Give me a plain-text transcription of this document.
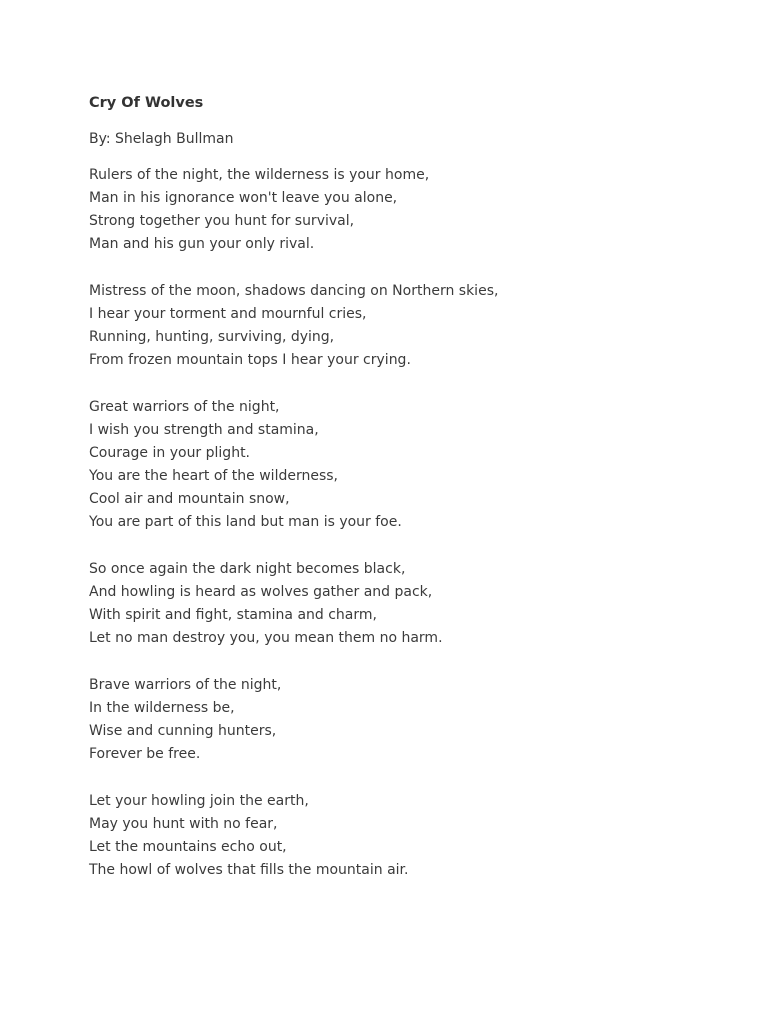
Cry Of Wolves
By: Shelagh Bullman
Rulers of the night, the wilderness is your home,
Man in his ignorance won't leave you alone,
Strong together you hunt for survival,
Man and his gun your only rival.
Mistress of the moon, shadows dancing on Northern skies,
I hear your torment and mournful cries,
Running, hunting, surviving, dying,
From frozen mountain tops I hear your crying.
Great warriors of the night,
I wish you strength and stamina,
Courage in your plight.
You are the heart of the wilderness,
Cool air and mountain snow,
You are part of this land but man is your foe.
So once again the dark night becomes black,
And howling is heard as wolves gather and pack,
With spirit and fight, stamina and charm,
Let no man destroy you, you mean them no harm.
Brave warriors of the night,
In the wilderness be,
Wise and cunning hunters,
Forever be free.
Let your howling join the earth,
May you hunt with no fear,
Let the mountains echo out,
The howl of wolves that fills the mountain air.
